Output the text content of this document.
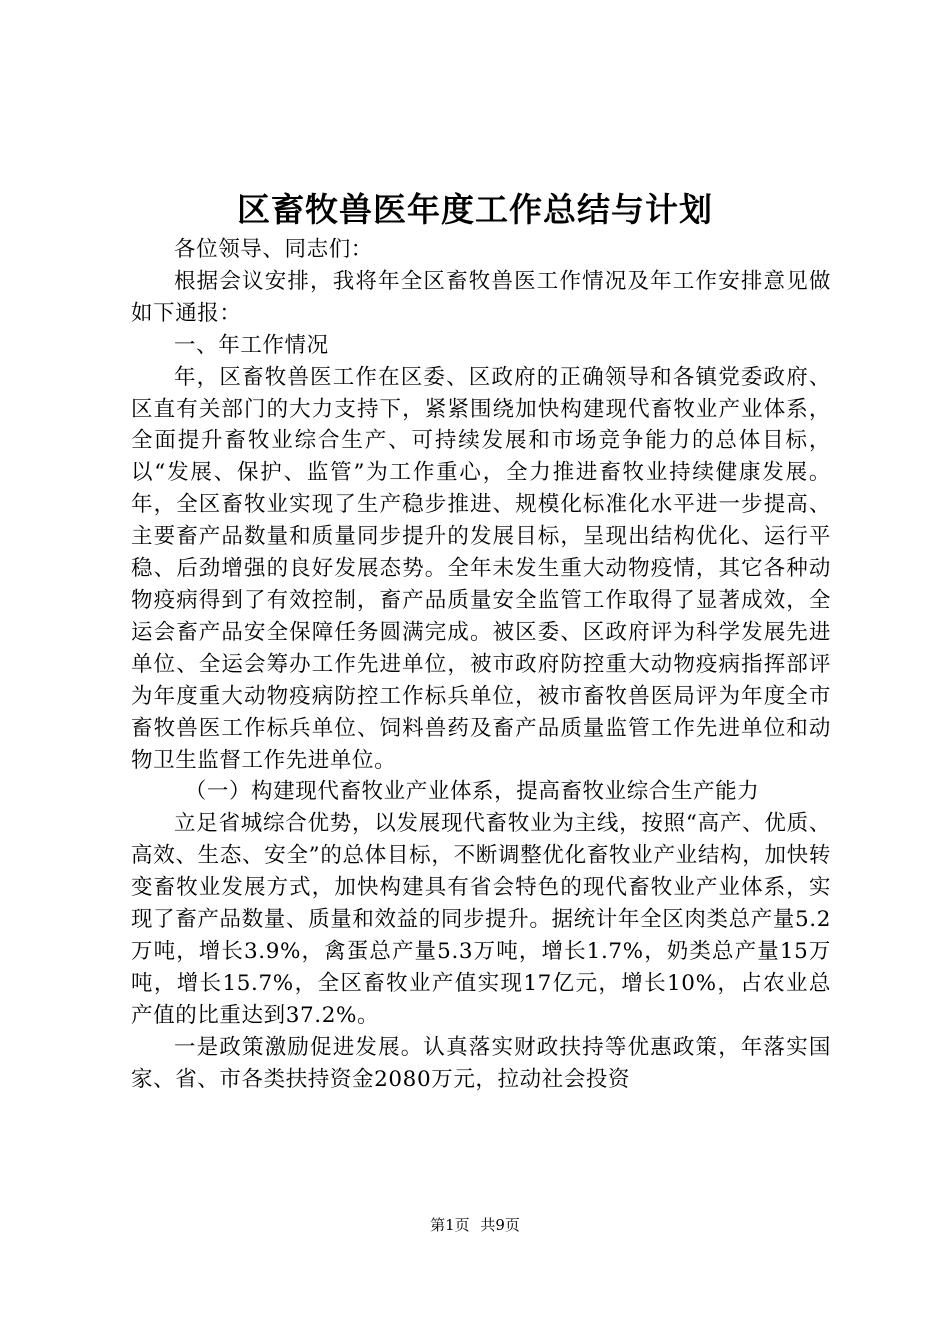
区畜牧兽医年度工作总结与计划

各位领导、同志们：

根据会议安排，我将年全区畜牧兽医工作情况及年工作安排意见做如下通报：

一、年工作情况

年，区畜牧兽医工作在区委、区政府的正确领导和各镇党委政府、区直有关部门的大力支持下，紧紧围绕加快构建现代畜牧业产业体系，全面提升畜牧业综合生产、可持续发展和市场竞争能力的总体目标，以“发展、保护、监管”为工作重心，全力推进畜牧业持续健康发展。年，全区畜牧业实现了生产稳步推进、规模化标准化水平进一步提高、主要畜产品数量和质量同步提升的发展目标，呈现出结构优化、运行平稳、后劲增强的良好发展态势。全年未发生重大动物疫情，其它各种动物疫病得到了有效控制，畜产品质量安全监管工作取得了显著成效，全运会畜产品安全保障任务圆满完成。被区委、区政府评为科学发展先进单位、全运会筹办工作先进单位，被市政府防控重大动物疫病指挥部评为年度重大动物疫病防控工作标兵单位，被市畜牧兽医局评为年度全市畜牧兽医工作标兵单位、饲料兽药及畜产品质量监管工作先进单位和动物卫生监督工作先进单位。

（一）构建现代畜牧业产业体系，提高畜牧业综合生产能力

立足省城综合优势，以发展现代畜牧业为主线，按照“高产、优质、高效、生态、安全”的总体目标，不断调整优化畜牧业产业结构，加快转变畜牧业发展方式，加快构建具有省会特色的现代畜牧业产业体系，实现了畜产品数量、质量和效益的同步提升。据统计年全区肉类总产量5.2万吨，增长3.9%，禽蛋总产量5.3万吨，增长1.7%，奶类总产量15万吨，增长15.7%，全区畜牧业产值实现17亿元，增长10%，占农业总产值的比重达到37.2%。

一是政策激励促进发展。认真落实财政扶持等优惠政策，年落实国家、省、市各类扶持资金2080万元，拉动社会投资

第1页 共9页
